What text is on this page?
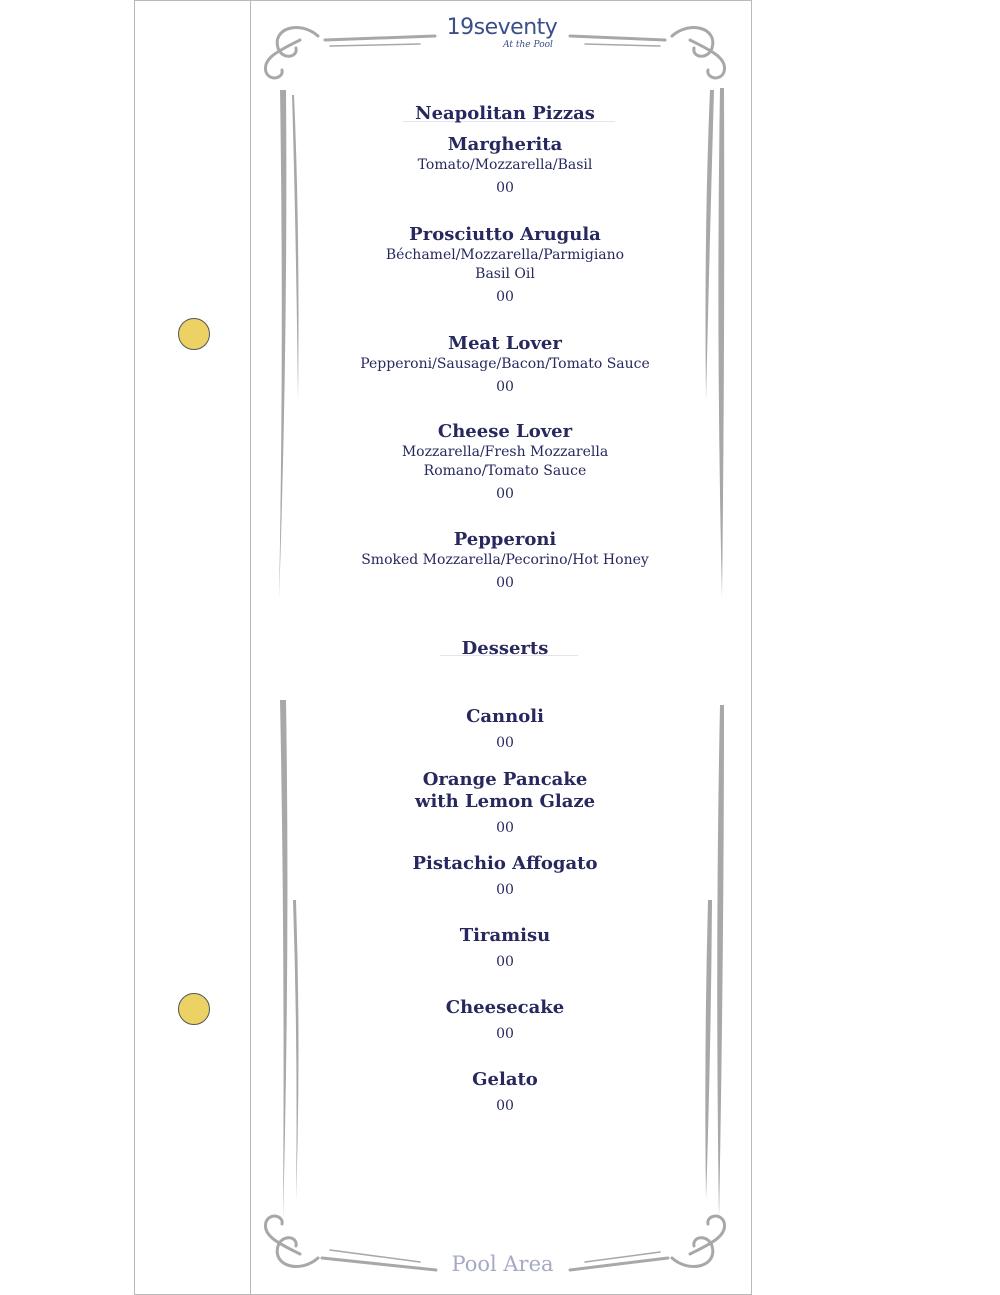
19seventy
At the Pool
Neapolitan Pizzas
Margherita
Tomato/Mozzarella/Basil
00
Prosciutto Arugula
Béchamel/Mozzarella/Parmigiano
Basil Oil
00
Meat Lover
Pepperoni/Sausage/Bacon/Tomato Sauce
00
Cheese Lover
Mozzarella/Fresh Mozzarella
Romano/Tomato Sauce
00
Pepperoni
Smoked Mozzarella/Pecorino/Hot Honey
00
Desserts
Cannoli
00
Orange Pancake
with Lemon Glaze
00
Pistachio Affogato
00
Tiramisu
00
Cheesecake
00
Gelato
00
Pool Area
